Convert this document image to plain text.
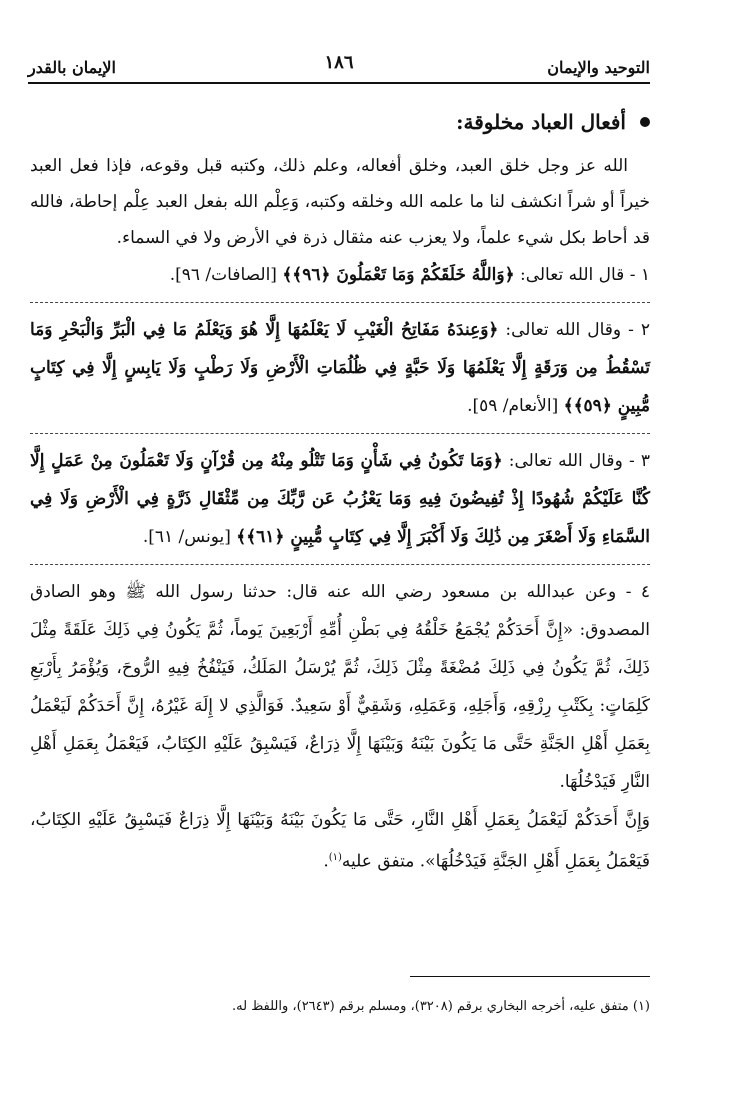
التوحيد والإيمان
١٨٦
الإيمان بالقدر
أفعال العباد مخلوقة:

الله عز وجل خلق العبد، وخلق أفعاله، وعلم ذلك، وكتبه قبل وقوعه، فإذا فعل العبد خيراً أو شراً انكشف لنا ما علمه الله وخلقه وكتبه، وَعِلْم الله بفعل العبد عِلْم إحاطة، فالله قد أحاط بكل شيء علماً، ولا يعزب عنه مثقال ذرة في الأرض ولا في السماء.

١ - قال الله تعالى: ﴿وَاللَّهُ خَلَقَكُمْ وَمَا تَعْمَلُونَ ﴿٩٦﴾﴾ [الصافات/ ٩٦].

٢ - وقال الله تعالى: ﴿وَعِندَهُ مَفَاتِحُ الْغَيْبِ لَا يَعْلَمُهَا إِلَّا هُوَ وَيَعْلَمُ مَا فِي الْبَرِّ وَالْبَحْرِ وَمَا تَسْقُطُ مِن وَرَقَةٍ إِلَّا يَعْلَمُهَا وَلَا حَبَّةٍ فِي ظُلُمَاتِ الْأَرْضِ وَلَا رَطْبٍ وَلَا يَابِسٍ إِلَّا فِي كِتَابٍ مُّبِينٍ ﴿٥٩﴾﴾ [الأنعام/ ٥٩].

٣ - وقال الله تعالى: ﴿وَمَا تَكُونُ فِي شَأْنٍ وَمَا تَتْلُو مِنْهُ مِن قُرْآنٍ وَلَا تَعْمَلُونَ مِنْ عَمَلٍ إِلَّا كُنَّا عَلَيْكُمْ شُهُودًا إِذْ تُفِيضُونَ فِيهِ وَمَا يَعْزُبُ عَن رَّبِّكَ مِن مِّثْقَالِ ذَرَّةٍ فِي الْأَرْضِ وَلَا فِي السَّمَاءِ وَلَا أَصْغَرَ مِن ذَٰلِكَ وَلَا أَكْبَرَ إِلَّا فِي كِتَابٍ مُّبِينٍ ﴿٦١﴾﴾ [يونس/ ٦١].

٤ - وعن عبدالله بن مسعود رضي الله عنه قال: حدثنا رسول الله ﷺ وهو الصادق المصدوق: «إِنَّ أَحَدَكُمْ يُجْمَعُ خَلْقُهُ فِي بَطْنِ أُمِّهِ أَرْبَعِينَ يَوماً، ثُمَّ يَكُونُ فِي ذَلِكَ عَلَقَةً مِثْلَ ذَلِكَ، ثُمَّ يَكُونُ فِي ذَلِكَ مُضْغَةً مِثْلَ ذَلِكَ، ثُمَّ يُرْسَلُ المَلَكُ، فَيَنْفُخُ فِيهِ الرُّوحَ، وَيُؤْمَرُ بِأَرْبَعِ كَلِمَاتٍ: بِكَتْبِ رِزْقِهِ، وَأَجَلِهِ، وَعَمَلِهِ، وَشَقِيٌّ أَوْ سَعِيدٌ. فَوَالَّذِي لا إِلَهَ غَيْرُهُ، إِنَّ أَحَدَكُمْ لَيَعْمَلُ بِعَمَلِ أَهْلِ الجَنَّةِ حَتَّى مَا يَكُونَ بَيْنَهُ وَبَيْنَهَا إِلَّا ذِرَاعٌ، فَيَسْبِقُ عَلَيْهِ الكِتَابُ، فَيَعْمَلُ بِعَمَلِ أَهْلِ النَّارِ فَيَدْخُلُهَا.

وَإِنَّ أَحَدَكُمْ لَيَعْمَلُ بِعَمَلِ أَهْلِ النَّارِ، حَتَّى مَا يَكُونَ بَيْنَهُ وَبَيْنَهَا إِلَّا ذِرَاعٌ فَيَسْبِقُ عَلَيْهِ الكِتَابُ، فَيَعْمَلُ بِعَمَلِ أَهْلِ الجَنَّةِ فَيَدْخُلُهَا». متفق عليه$^{(١)}$.

(١) متفق عليه، أخرجه البخاري برقم (٣٢٠٨)، ومسلم برقم (٢٦٤٣)، واللفظ له.
